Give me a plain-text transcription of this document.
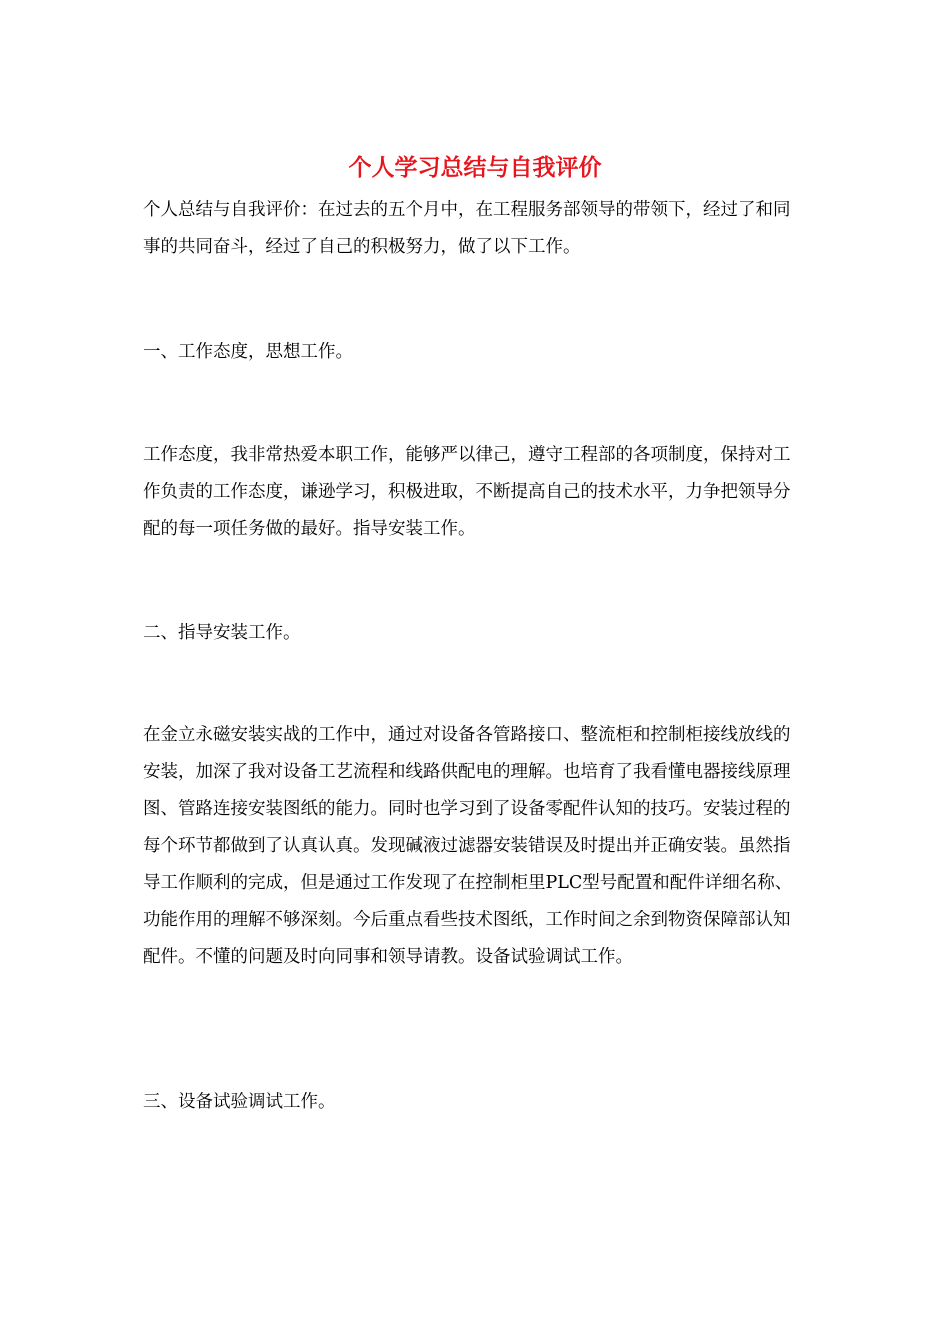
个人学习总结与自我评价

个人总结与自我评价：在过去的五个月中，在工程服务部领导的带领下，经过了和同事的共同奋斗，经过了自己的积极努力，做了以下工作。

一、工作态度，思想工作。

工作态度，我非常热爱本职工作，能够严以律己，遵守工程部的各项制度，保持对工作负责的工作态度，谦逊学习，积极进取，不断提高自己的技术水平，力争把领导分配的每一项任务做的最好。指导安装工作。

二、指导安装工作。

在金立永磁安装实战的工作中，通过对设备各管路接口、整流柜和控制柜接线放线的安装，加深了我对设备工艺流程和线路供配电的理解。也培育了我看懂电器接线原理图、管路连接安装图纸的能力。同时也学习到了设备零配件认知的技巧。安装过程的每个环节都做到了认真认真。发现碱液过滤器安装错误及时提出并正确安装。虽然指导工作顺利的完成，但是通过工作发现了在控制柜里PLC型号配置和配件详细名称、功能作用的理解不够深刻。今后重点看些技术图纸，工作时间之余到物资保障部认知配件。不懂的问题及时向同事和领导请教。设备试验调试工作。

三、设备试验调试工作。
